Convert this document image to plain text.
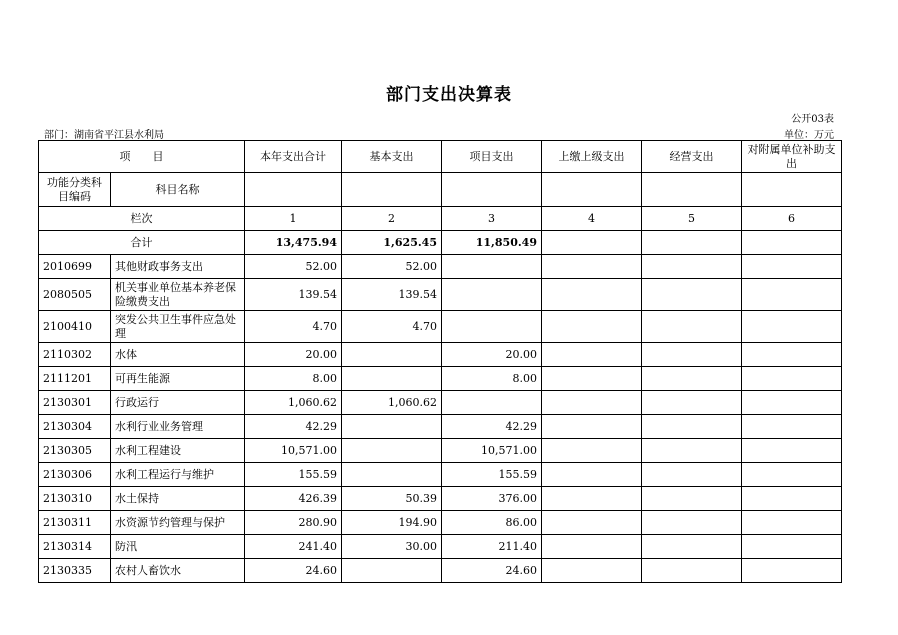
部门支出决算表
公开03表
部门：湖南省平江县水利局	单位：万元
项　　目		本年支出合计	基本支出	项目支出	上缴上级支出	经营支出	对附属单位补助支出
功能分类科目编码	科目名称						
栏次		1	2	3	4	5	6
合计		13,475.94	1,625.45	11,850.49			
2010699	其他财政事务支出	52.00	52.00				
2080505	机关事业单位基本养老保险缴费支出	139.54	139.54				
2100410	突发公共卫生事件应急处理	4.70	4.70				
2110302	水体	20.00		20.00			
2111201	可再生能源	8.00		8.00			
2130301	行政运行	1,060.62	1,060.62				
2130304	水利行业业务管理	42.29		42.29			
2130305	水利工程建设	10,571.00		10,571.00			
2130306	水利工程运行与维护	155.59		155.59			
2130310	水土保持	426.39	50.39	376.00			
2130311	水资源节约管理与保护	280.90	194.90	86.00			
2130314	防汛	241.40	30.00	211.40			
2130335	农村人畜饮水	24.60		24.60			
